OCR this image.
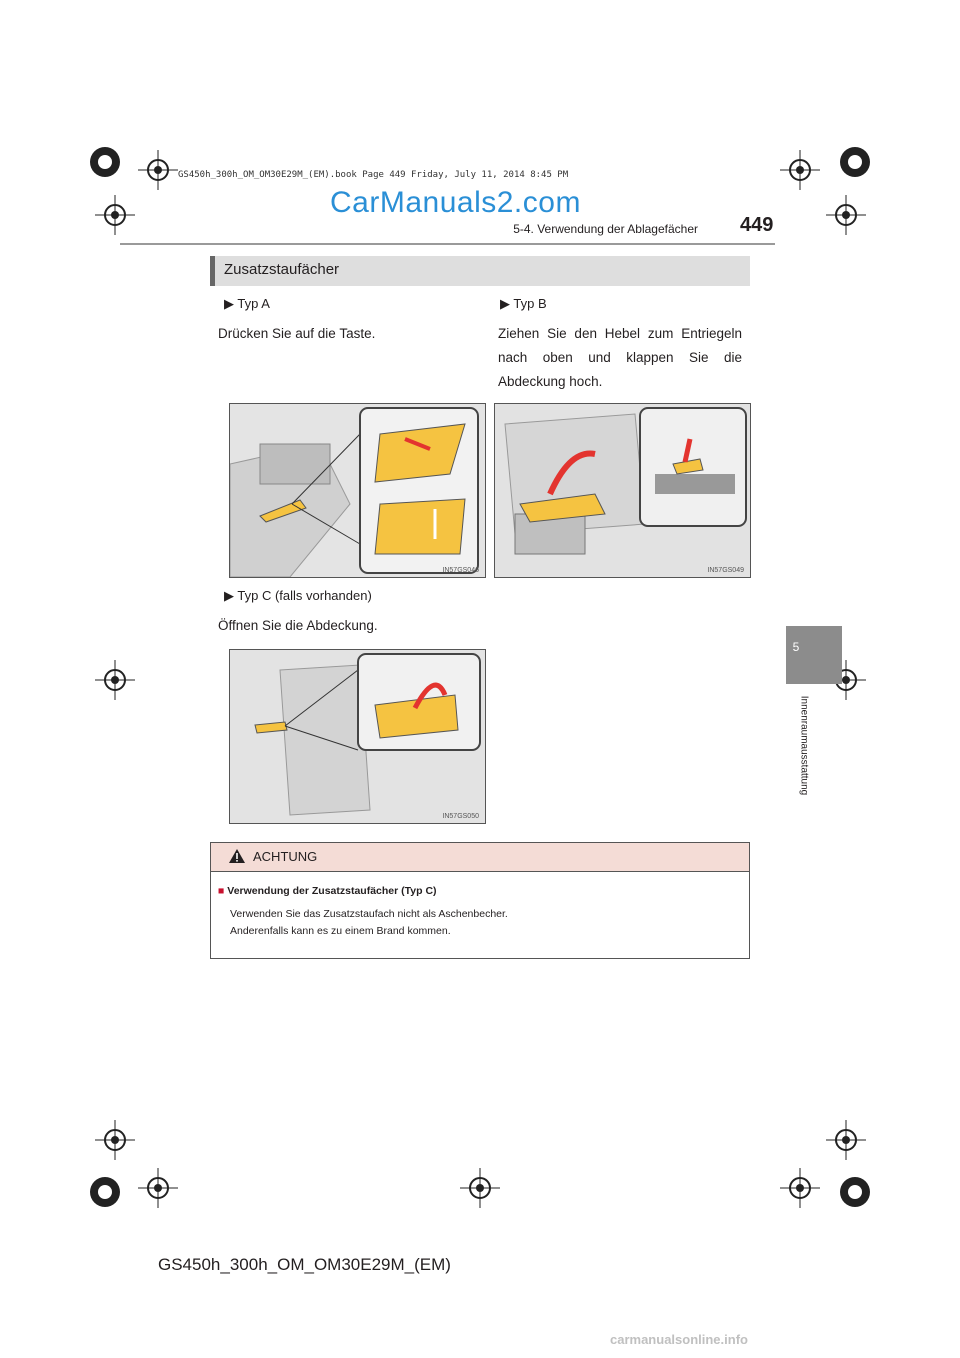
GS450h_300h_OM_OM30E29M_(EM).book Page 449 Friday, July 11, 2014 8:45 PM
CarManuals2.com
5-4. Verwendung der Ablagefächer 449
5
Innenraumausstattung
Zusatzstaufächer
▶ Typ A
Drücken Sie auf die Taste.
▶ Typ B
Ziehen Sie den Hebel zum Entriegeln nach oben und klappen Sie die Abdeckung hoch.
IN57GS046	IN57GS049
▶ Typ C (falls vorhanden)
Öffnen Sie die Abdeckung.
IN57GS050
ACHTUNG
■ Verwendung der Zusatzstaufächer (Typ C)
Verwenden Sie das Zusatzstaufach nicht als Aschenbecher.
Anderenfalls kann es zu einem Brand kommen.
GS450h_300h_OM_OM30E29M_(EM)
carmanualsonline.info
